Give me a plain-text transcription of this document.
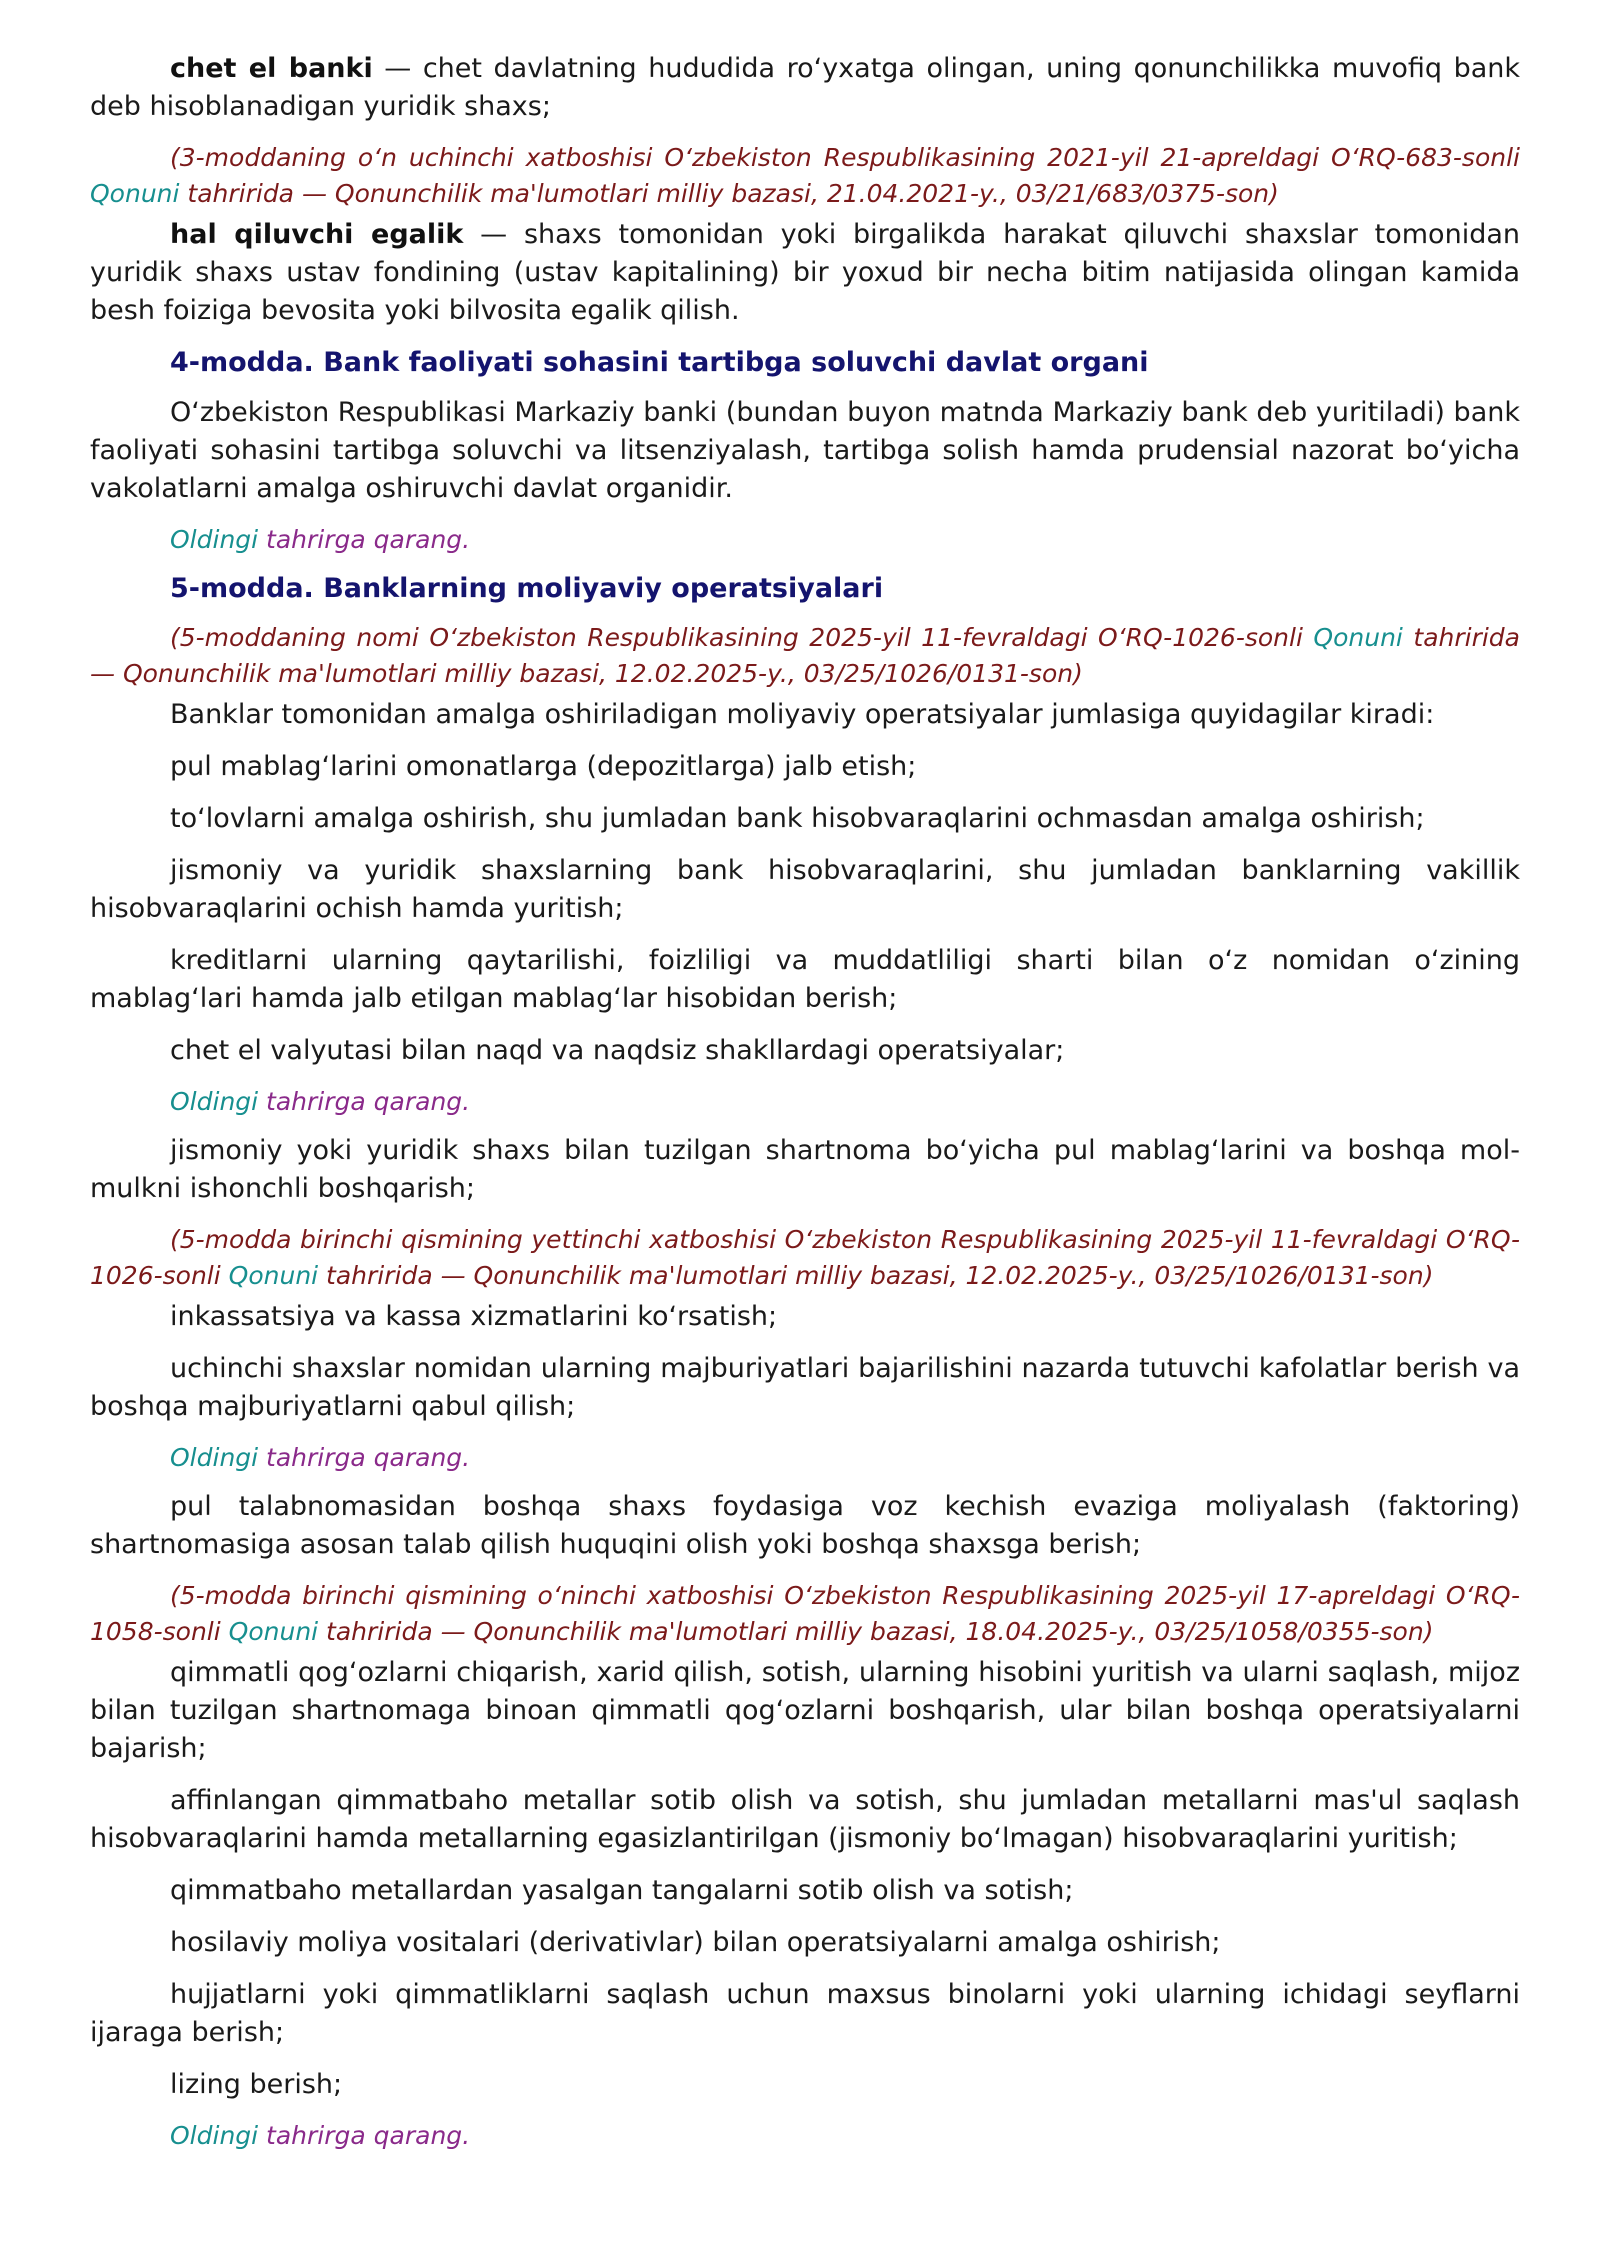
chet el banki — chet davlatning hududida roʻyxatga olingan, uning qonunchilikka muvofiq bank deb hisoblanadigan yuridik shaxs;

(3-moddaning oʻn uchinchi xatboshisi Oʻzbekiston Respublikasining 2021-yil 21-apreldagi OʻRQ-683-sonli Qonuni tahririda — Qonunchilik ma'lumotlari milliy bazasi, 21.04.2021-y., 03/21/683/0375-son)

hal qiluvchi egalik — shaxs tomonidan yoki birgalikda harakat qiluvchi shaxslar tomonidan yuridik shaxs ustav fondining (ustav kapitalining) bir yoxud bir necha bitim natijasida olingan kamida besh foiziga bevosita yoki bilvosita egalik qilish.

4-modda. Bank faoliyati sohasini tartibga soluvchi davlat organi

Oʻzbekiston Respublikasi Markaziy banki (bundan buyon matnda Markaziy bank deb yuritiladi) bank faoliyati sohasini tartibga soluvchi va litsenziyalash, tartibga solish hamda prudensial nazorat boʻyicha vakolatlarni amalga oshiruvchi davlat organidir.

Oldingi tahrirga qarang.

5-modda. Banklarning moliyaviy operatsiyalari

(5-moddaning nomi Oʻzbekiston Respublikasining 2025-yil 11-fevraldagi OʻRQ-1026-sonli Qonuni tahririda — Qonunchilik ma'lumotlari milliy bazasi, 12.02.2025-y., 03/25/1026/0131-son)

Banklar tomonidan amalga oshiriladigan moliyaviy operatsiyalar jumlasiga quyidagilar kiradi:

pul mablagʻlarini omonatlarga (depozitlarga) jalb etish;

toʻlovlarni amalga oshirish, shu jumladan bank hisobvaraqlarini ochmasdan amalga oshirish;

jismoniy va yuridik shaxslarning bank hisobvaraqlarini, shu jumladan banklarning vakillik hisobvaraqlarini ochish hamda yuritish;

kreditlarni ularning qaytarilishi, foizliligi va muddatliligi sharti bilan oʻz nomidan oʻzining mablagʻlari hamda jalb etilgan mablagʻlar hisobidan berish;

chet el valyutasi bilan naqd va naqdsiz shakllardagi operatsiyalar;

Oldingi tahrirga qarang.

jismoniy yoki yuridik shaxs bilan tuzilgan shartnoma boʻyicha pul mablagʻlarini va boshqa mol-mulkni ishonchli boshqarish;

(5-modda birinchi qismining yettinchi xatboshisi Oʻzbekiston Respublikasining 2025-yil 11-fevraldagi OʻRQ-1026-sonli Qonuni tahririda — Qonunchilik ma'lumotlari milliy bazasi, 12.02.2025-y., 03/25/1026/0131-son)

inkassatsiya va kassa xizmatlarini koʻrsatish;

uchinchi shaxslar nomidan ularning majburiyatlari bajarilishini nazarda tutuvchi kafolatlar berish va boshqa majburiyatlarni qabul qilish;

Oldingi tahrirga qarang.

pul talabnomasidan boshqa shaxs foydasiga voz kechish evaziga moliyalash (faktoring) shartnomasiga asosan talab qilish huquqini olish yoki boshqa shaxsga berish;

(5-modda birinchi qismining oʻninchi xatboshisi Oʻzbekiston Respublikasining 2025-yil 17-apreldagi OʻRQ-1058-sonli Qonuni tahririda — Qonunchilik ma'lumotlari milliy bazasi, 18.04.2025-y., 03/25/1058/0355-son)

qimmatli qogʻozlarni chiqarish, xarid qilish, sotish, ularning hisobini yuritish va ularni saqlash, mijoz bilan tuzilgan shartnomaga binoan qimmatli qogʻozlarni boshqarish, ular bilan boshqa operatsiyalarni bajarish;

affinlangan qimmatbaho metallar sotib olish va sotish, shu jumladan metallarni mas'ul saqlash hisobvaraqlarini hamda metallarning egasizlantirilgan (jismoniy boʻlmagan) hisobvaraqlarini yuritish;

qimmatbaho metallardan yasalgan tangalarni sotib olish va sotish;

hosilaviy moliya vositalari (derivativlar) bilan operatsiyalarni amalga oshirish;

hujjatlarni yoki qimmatliklarni saqlash uchun maxsus binolarni yoki ularning ichidagi seyflarni ijaraga berish;

lizing berish;

Oldingi tahrirga qarang.
